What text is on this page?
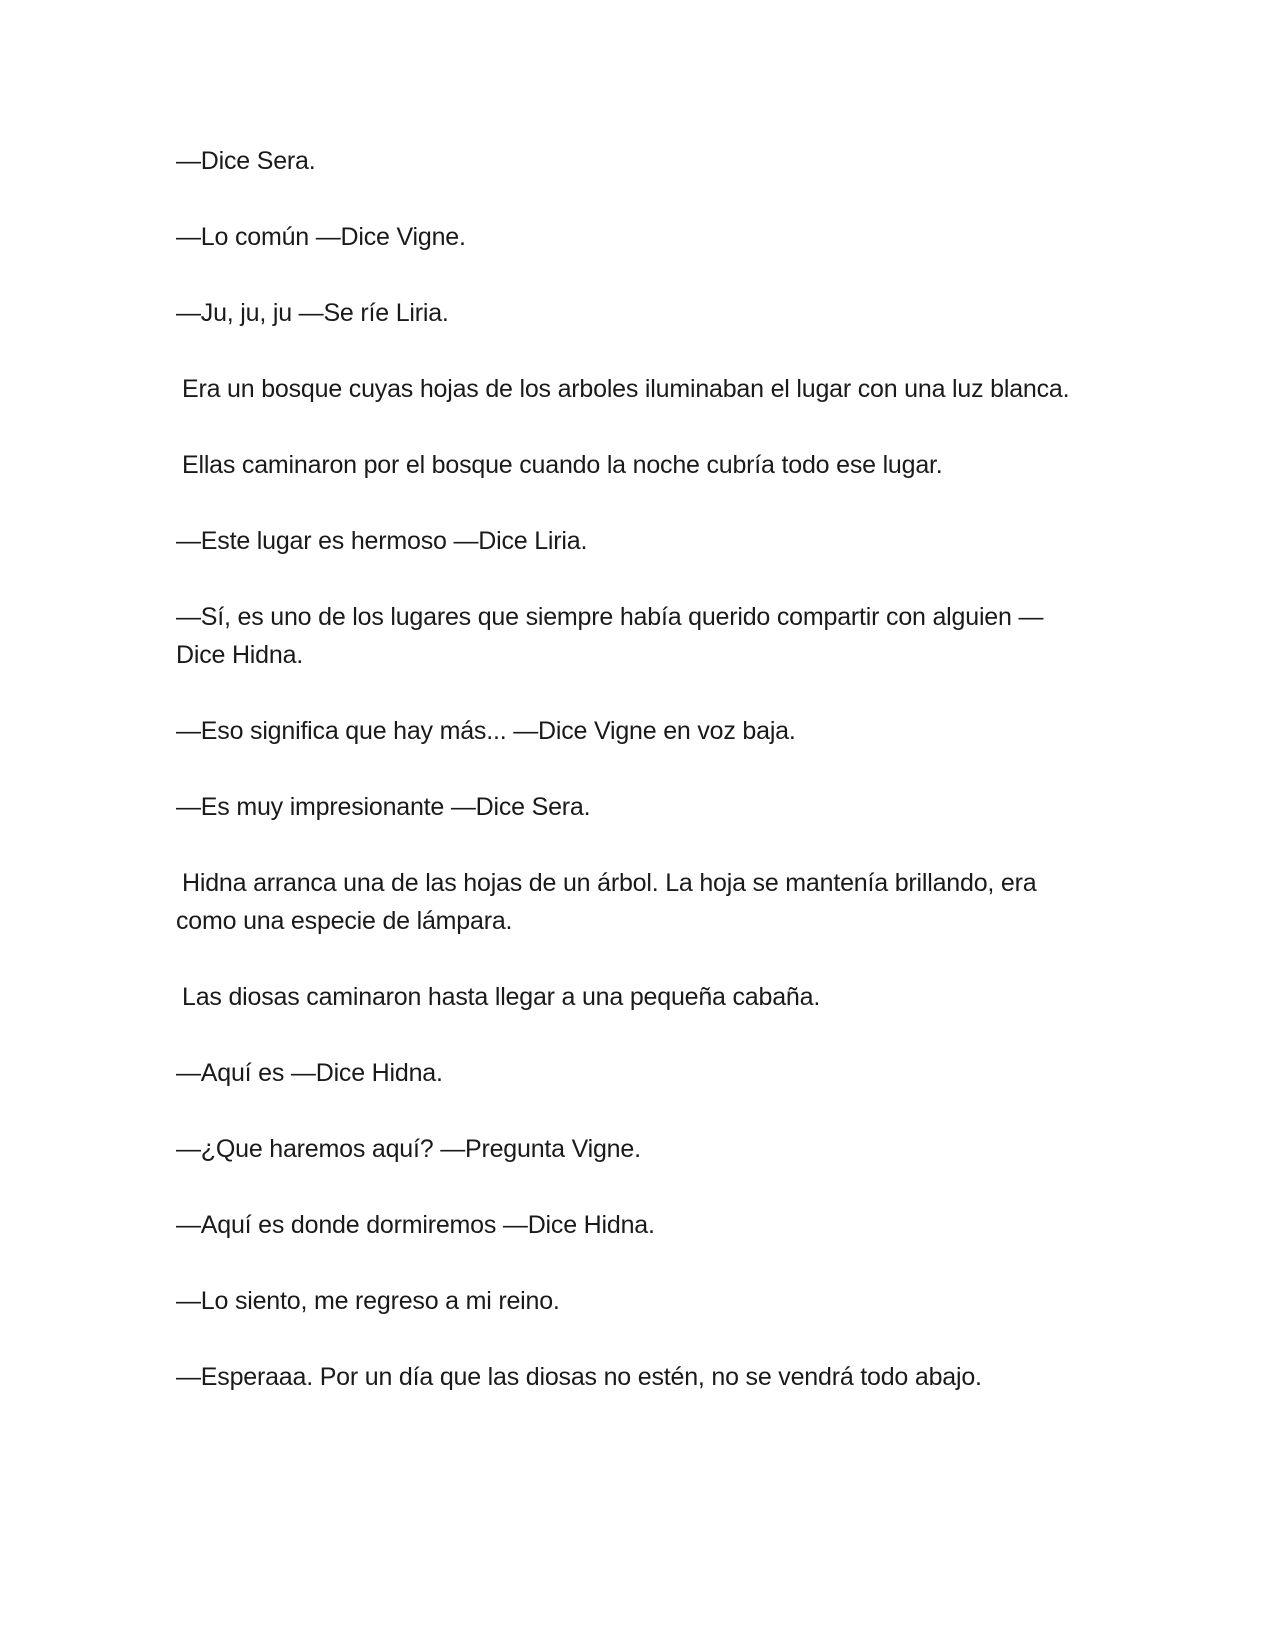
—Dice Sera.

—Lo común —Dice Vigne.

—Ju, ju, ju —Se ríe Liria.

Era un bosque cuyas hojas de los arboles iluminaban el lugar con una luz blanca.

Ellas caminaron por el bosque cuando la noche cubría todo ese lugar.

—Este lugar es hermoso —Dice Liria.

—Sí, es uno de los lugares que siempre había querido compartir con alguien —Dice Hidna.

—Eso significa que hay más... —Dice Vigne en voz baja.

—Es muy impresionante —Dice Sera.

Hidna arranca una de las hojas de un árbol. La hoja se mantenía brillando, era como una especie de lámpara.

Las diosas caminaron hasta llegar a una pequeña cabaña.

—Aquí es —Dice Hidna.

—¿Que haremos aquí? —Pregunta Vigne.

—Aquí es donde dormiremos —Dice Hidna.

—Lo siento, me regreso a mi reino.

—Esperaaa. Por un día que las diosas no estén, no se vendrá todo abajo.
